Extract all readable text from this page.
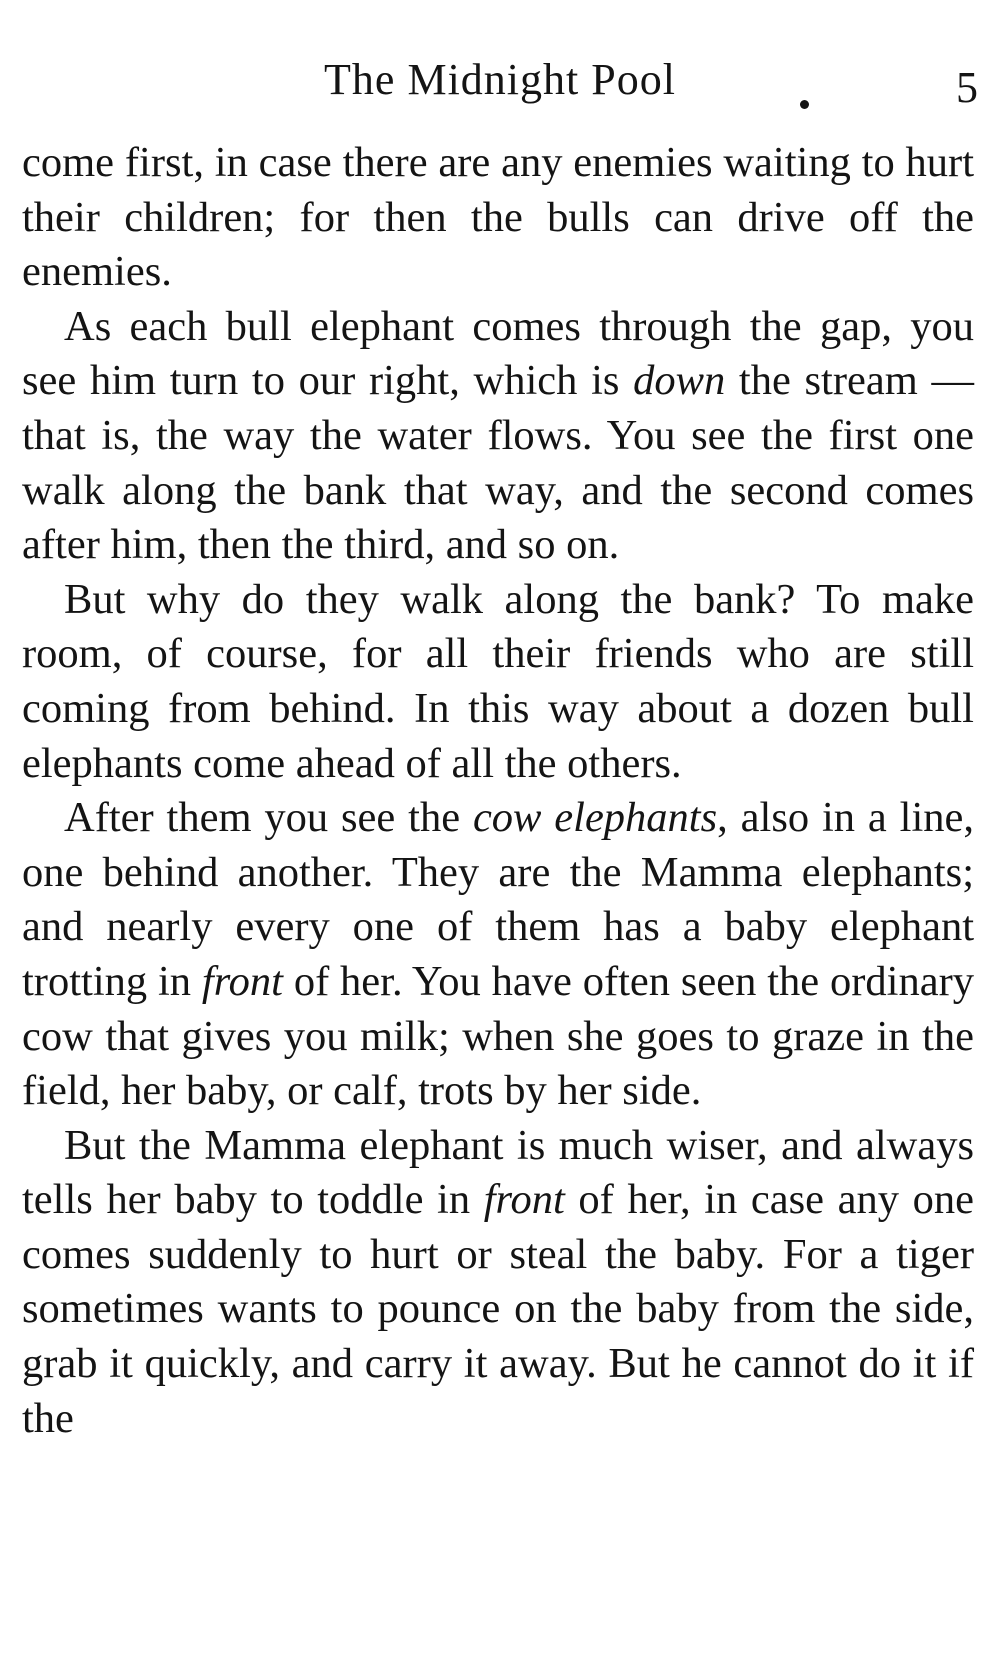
The Midnight Pool	5

come first, in case there are any enemies waiting to hurt their children; for then the bulls can drive off the enemies.

As each bull elephant comes through the gap, you see him turn to our right, which is down the stream — that is, the way the water flows. You see the first one walk along the bank that way, and the second comes after him, then the third, and so on.

But why do they walk along the bank? To make room, of course, for all their friends who are still coming from behind. In this way about a dozen bull elephants come ahead of all the others.

After them you see the cow elephants, also in a line, one behind another. They are the Mamma elephants; and nearly every one of them has a baby elephant trotting in front of her. You have often seen the ordinary cow that gives you milk; when she goes to graze in the field, her baby, or calf, trots by her side.

But the Mamma elephant is much wiser, and always tells her baby to toddle in front of her, in case any one comes suddenly to hurt or steal the baby. For a tiger sometimes wants to pounce on the baby from the side, grab it quickly, and carry it away. But he cannot do it if the
